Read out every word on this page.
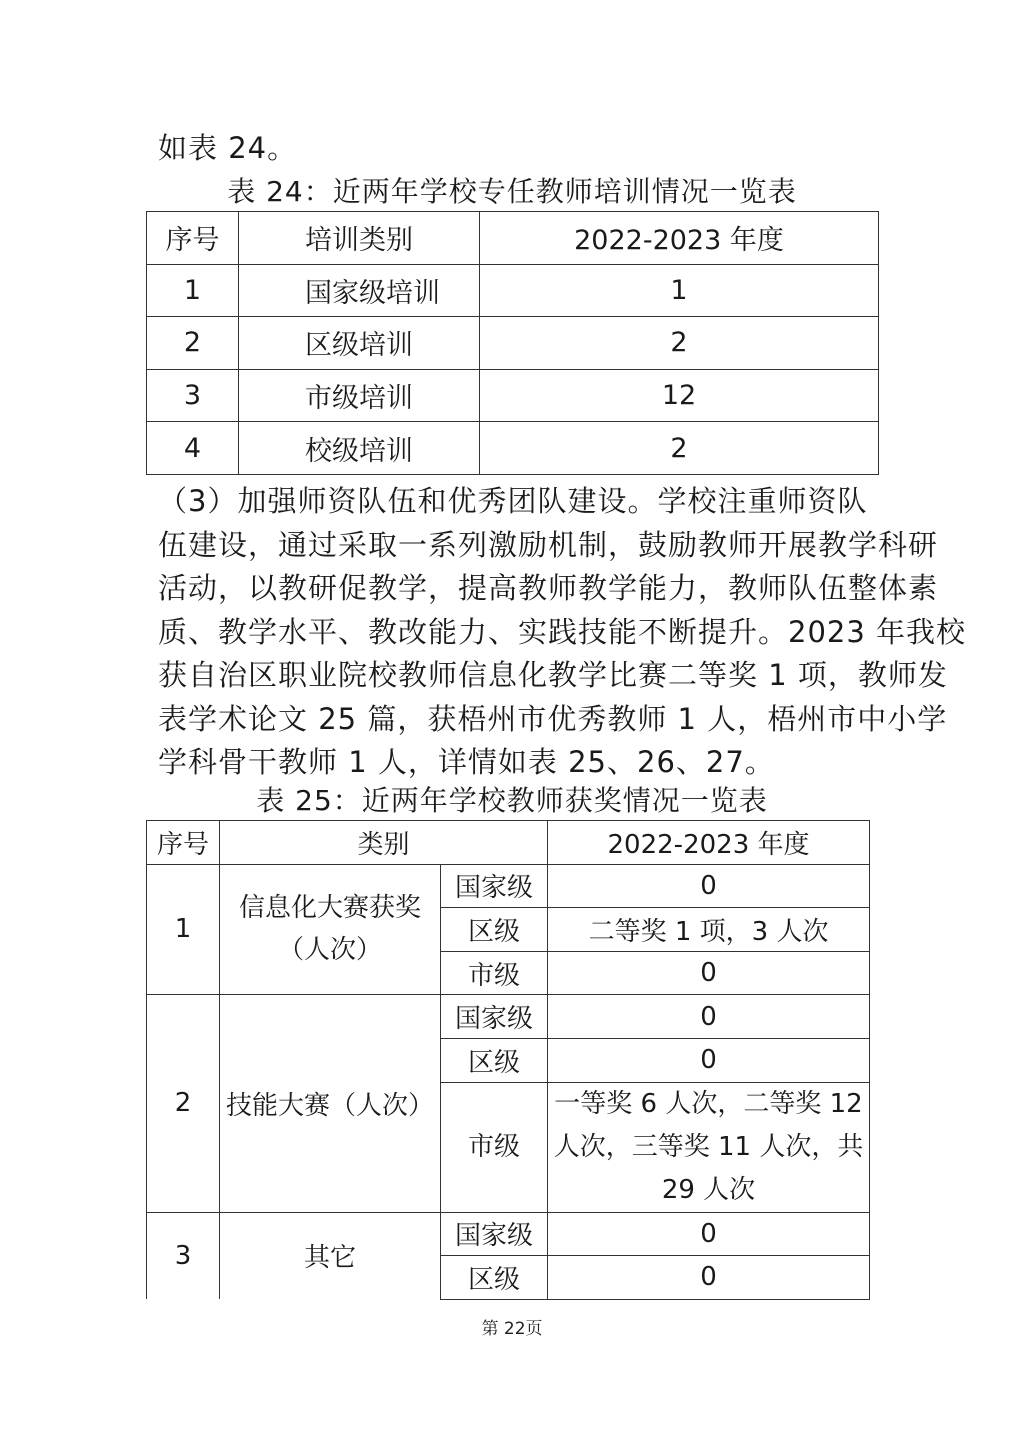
如表 24。
表 24：近两年学校专任教师培训情况一览表
序号	培训类别	2022-2023 年度
1	国家级培训	1
2	区级培训	2
3	市级培训	12
4	校级培训	2
（3）加强师资队伍和优秀团队建设。学校注重师资队
伍建设，通过采取一系列激励机制，鼓励教师开展教学科研
活动，以教研促教学，提高教师教学能力，教师队伍整体素
质、教学水平、教改能力、实践技能不断提升。2023 年我校
获自治区职业院校教师信息化教学比赛二等奖 1 项，教师发
表学术论文 25 篇，获梧州市优秀教师 1 人，梧州市中小学
学科骨干教师 1 人，详情如表 25、26、27。
表 25：近两年学校教师获奖情况一览表
序号	类别		2022-2023 年度
1	信息化大赛获奖
（人次）	国家级	0
		区级	二等奖 1 项，3 人次
		市级	0
2	技能大赛（人次）	国家级	0
		区级	0
		市级	一等奖 6 人次，二等奖 12
人次，三等奖 11 人次，共
29 人次

3	其它	国家级	0
		区级	0
第 22页
